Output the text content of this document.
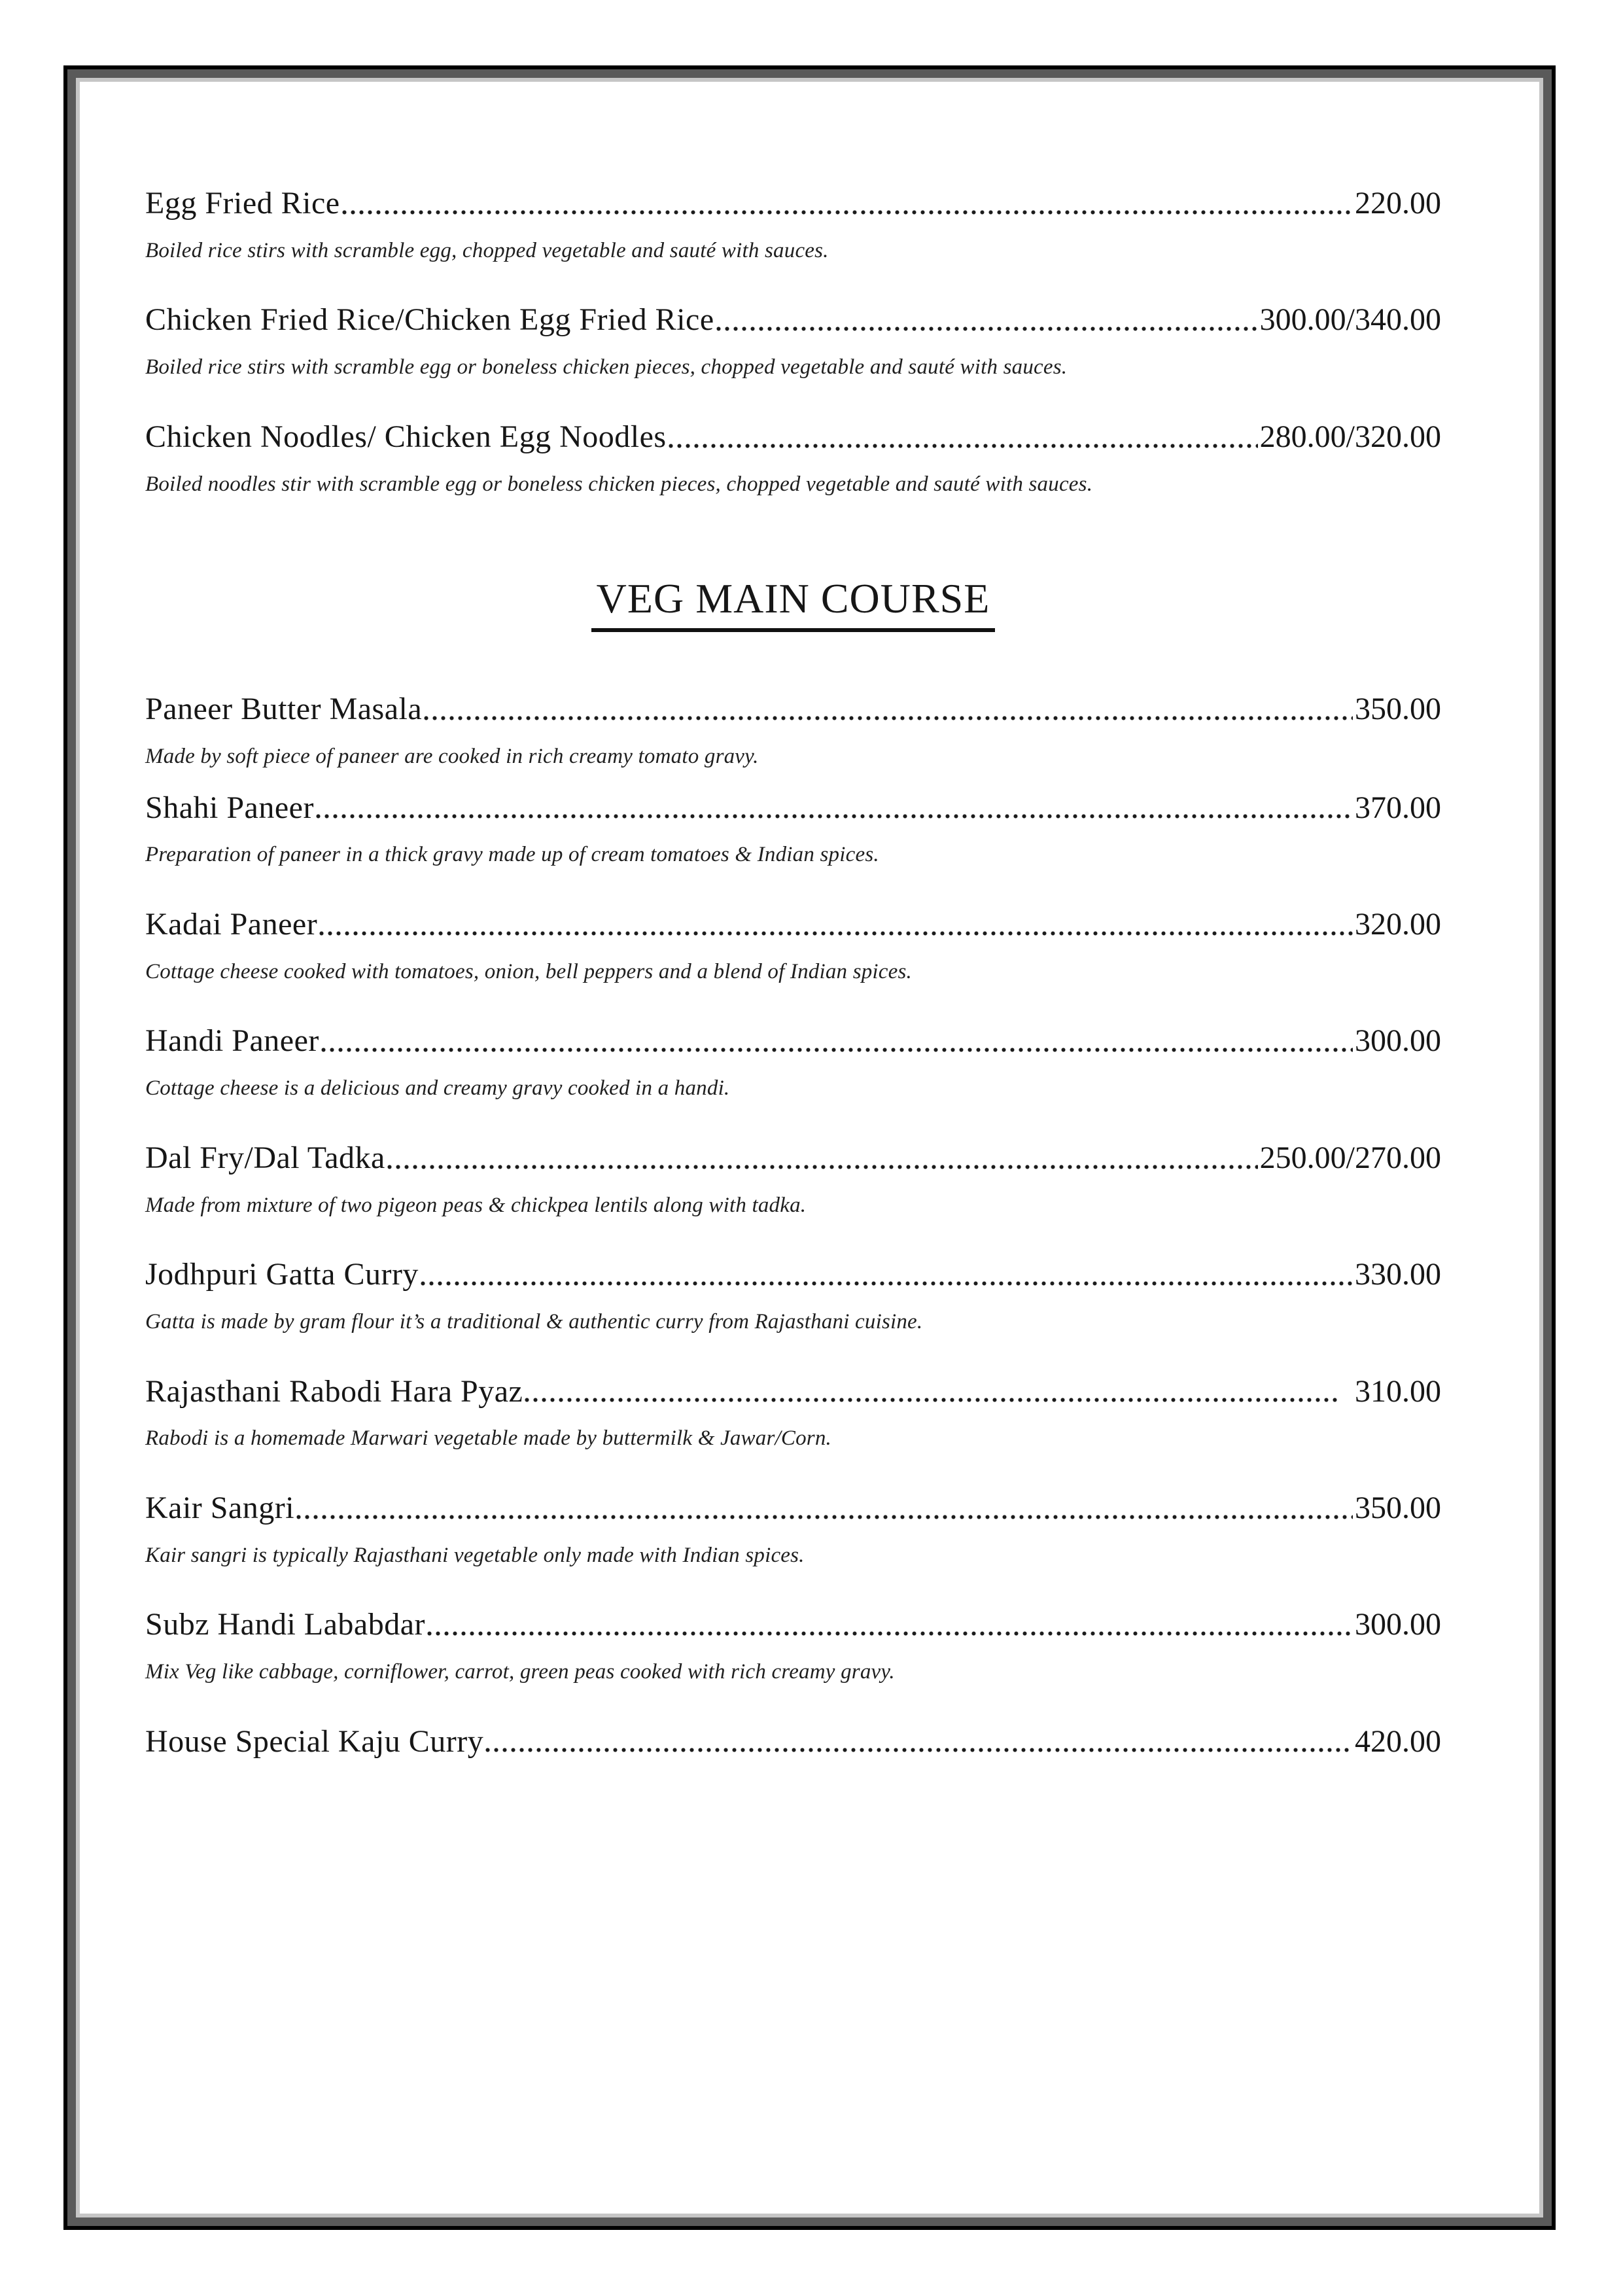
Egg Fried Rice	220.00

Boiled rice stirs with scramble egg, chopped vegetable and sauté with sauces.

Chicken Fried Rice/Chicken Egg Fried Rice	300.00/340.00

Boiled rice stirs with scramble egg or boneless chicken pieces, chopped vegetable and sauté with sauces.

Chicken Noodles/ Chicken Egg Noodles	280.00/320.00

Boiled noodles stir with scramble egg or boneless chicken pieces, chopped vegetable and sauté with sauces.

VEG MAIN COURSE
Paneer Butter Masala	350.00

Made by soft piece of paneer are cooked in rich creamy tomato gravy.

Shahi Paneer	370.00

Preparation of paneer in a thick gravy made up of cream tomatoes & Indian spices.

Kadai Paneer	320.00

Cottage cheese cooked with tomatoes, onion, bell peppers and a blend of Indian spices.

Handi Paneer	300.00

Cottage cheese is a delicious and creamy gravy cooked in a handi.

Dal Fry/Dal Tadka	250.00/270.00

Made from mixture of two pigeon peas & chickpea lentils along with tadka.

Jodhpuri Gatta Curry	330.00

Gatta is made by gram flour it’s a traditional & authentic curry from Rajasthani cuisine.

Rajasthani Rabodi Hara Pyaz	310.00

Rabodi is a homemade Marwari vegetable made by buttermilk & Jawar/Corn.

Kair Sangri	350.00

Kair sangri is typically Rajasthani vegetable only made with Indian spices.

Subz Handi Lababdar	300.00

Mix Veg like cabbage, corniflower, carrot, green peas cooked with rich creamy gravy.

House Special Kaju Curry	420.00
